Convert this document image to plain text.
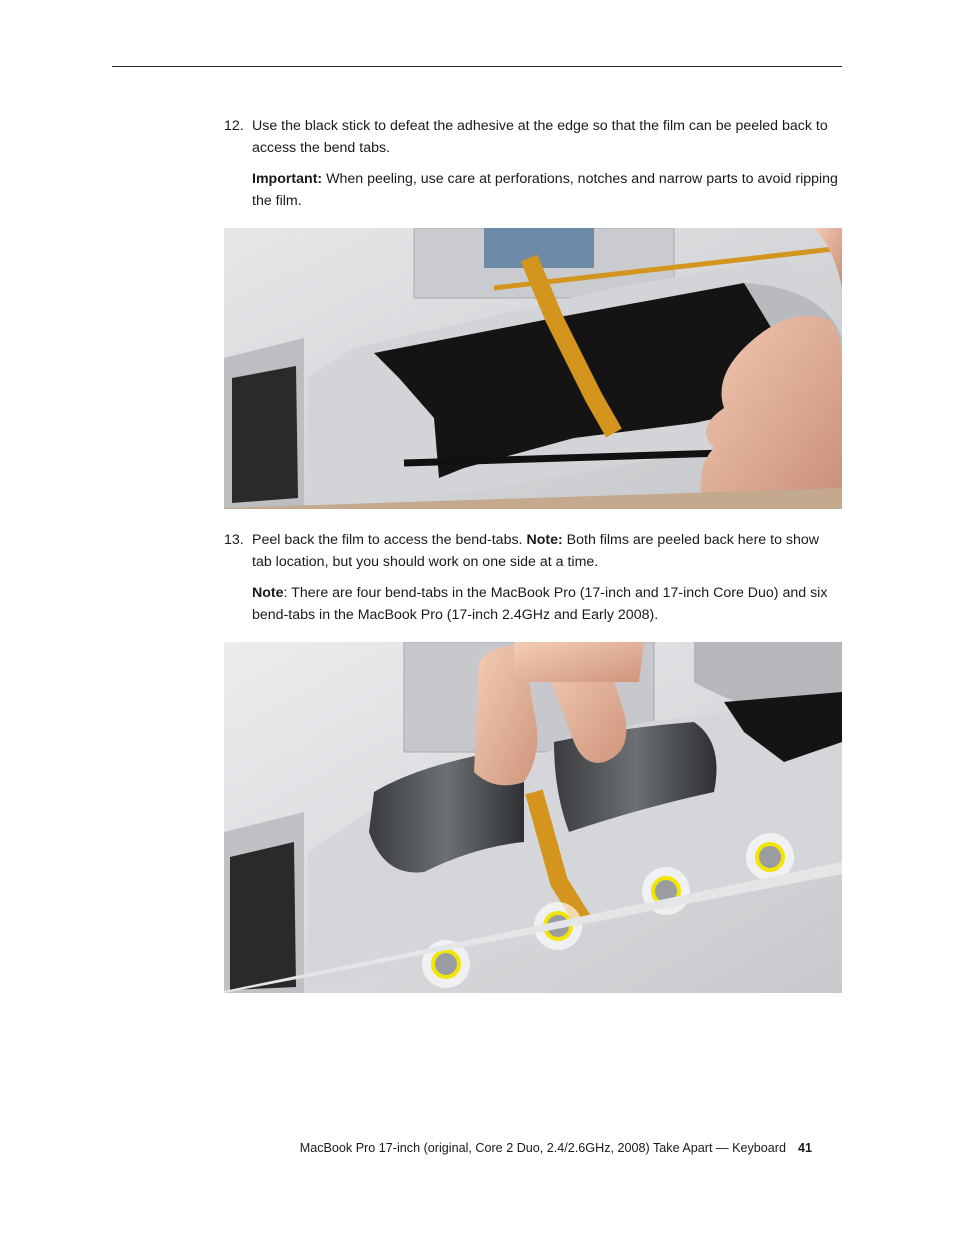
12. Use the black stick to defeat the adhesive at the edge so that the film can be peeled back to access the bend tabs.

Important: When peeling, use care at perforations, notches and narrow parts to avoid ripping the film.

13. Peel back the film to access the bend-tabs. Note: Both films are peeled back here to show tab location, but you should work on one side at a time.

Note: There are four bend-tabs in the MacBook Pro (17-inch and 17-inch Core Duo) and six bend-tabs in the MacBook Pro (17-inch 2.4GHz and Early 2008).

MacBook Pro 17-inch (original, Core 2 Duo, 2.4/2.6GHz, 2008) Take Apart — Keyboard 41
